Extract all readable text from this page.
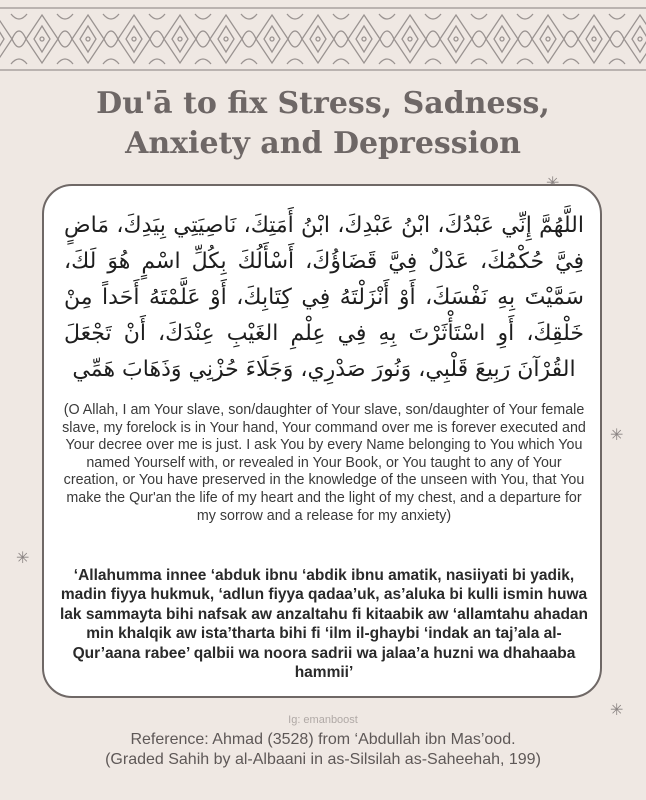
Du'ā to fix Stress, Sadness,
Anxiety and Depression
✳
✳
✳
اللَّهُمَّ إِنِّي عَبْدُكَ، ابْنُ عَبْدِكَ، ابْنُ أَمَتِكَ، نَاصِيَتِي بِيَدِكَ، مَاضٍ فِيَّ حُكْمُكَ، عَدْلٌ فِيَّ قَضَاؤُكَ، أَسْأَلُكَ بِكُلِّ اسْمٍ هُوَ لَكَ، سَمَّيْتَ بِهِ نَفْسَكَ، أَوْ أَنْزَلْتَهُ فِي كِتَابِكَ، أَوْ عَلَّمْتَهُ أَحَداً مِنْ خَلْقِكَ، أَوِ اسْتَأْثَرْتَ بِهِ فِي عِلْمِ الغَيْبِ عِنْدَكَ، أَنْ تَجْعَلَ القُرْآنَ رَبِيعَ قَلْبِي، وَنُورَ صَدْرِي، وَجَلَاءَ حُزْنِي وَذَهَابَ هَمِّي
(O Allah, I am Your slave, son/daughter of Your slave, son/daughter of Your female slave, my forelock is in Your hand, Your command over me is forever executed and Your decree over me is just. I ask You by every Name belonging to You which You named Yourself with, or revealed in Your Book, or You taught to any of Your creation, or You have preserved in the knowledge of the unseen with You, that You make the Qur'an the life of my heart and the light of my chest, and a departure for my sorrow and a release for my anxiety)
‘Allahumma innee ‘abduk ibnu ‘abdik ibnu amatik, nasiiyati bi yadik, madin fiyya hukmuk, ‘adlun fiyya qadaa’uk, as’aluka bi kulli ismin huwa lak sammayta bihi nafsak aw anzaltahu fi kitaabik aw ‘allamtahu ahadan min khalqik aw ista’tharta bihi fi ‘ilm il-ghaybi ‘indak an taj’ala al-Qur’aana rabee’ qalbii wa noora sadrii wa jalaa’a huzni wa dhahaaba hammii’
Ig: emanboost
Reference: Ahmad (3528) from ‘Abdullah ibn Mas’ood.
(Graded Sahih by al-Albaani in as-Silsilah as-Saheehah, 199)
